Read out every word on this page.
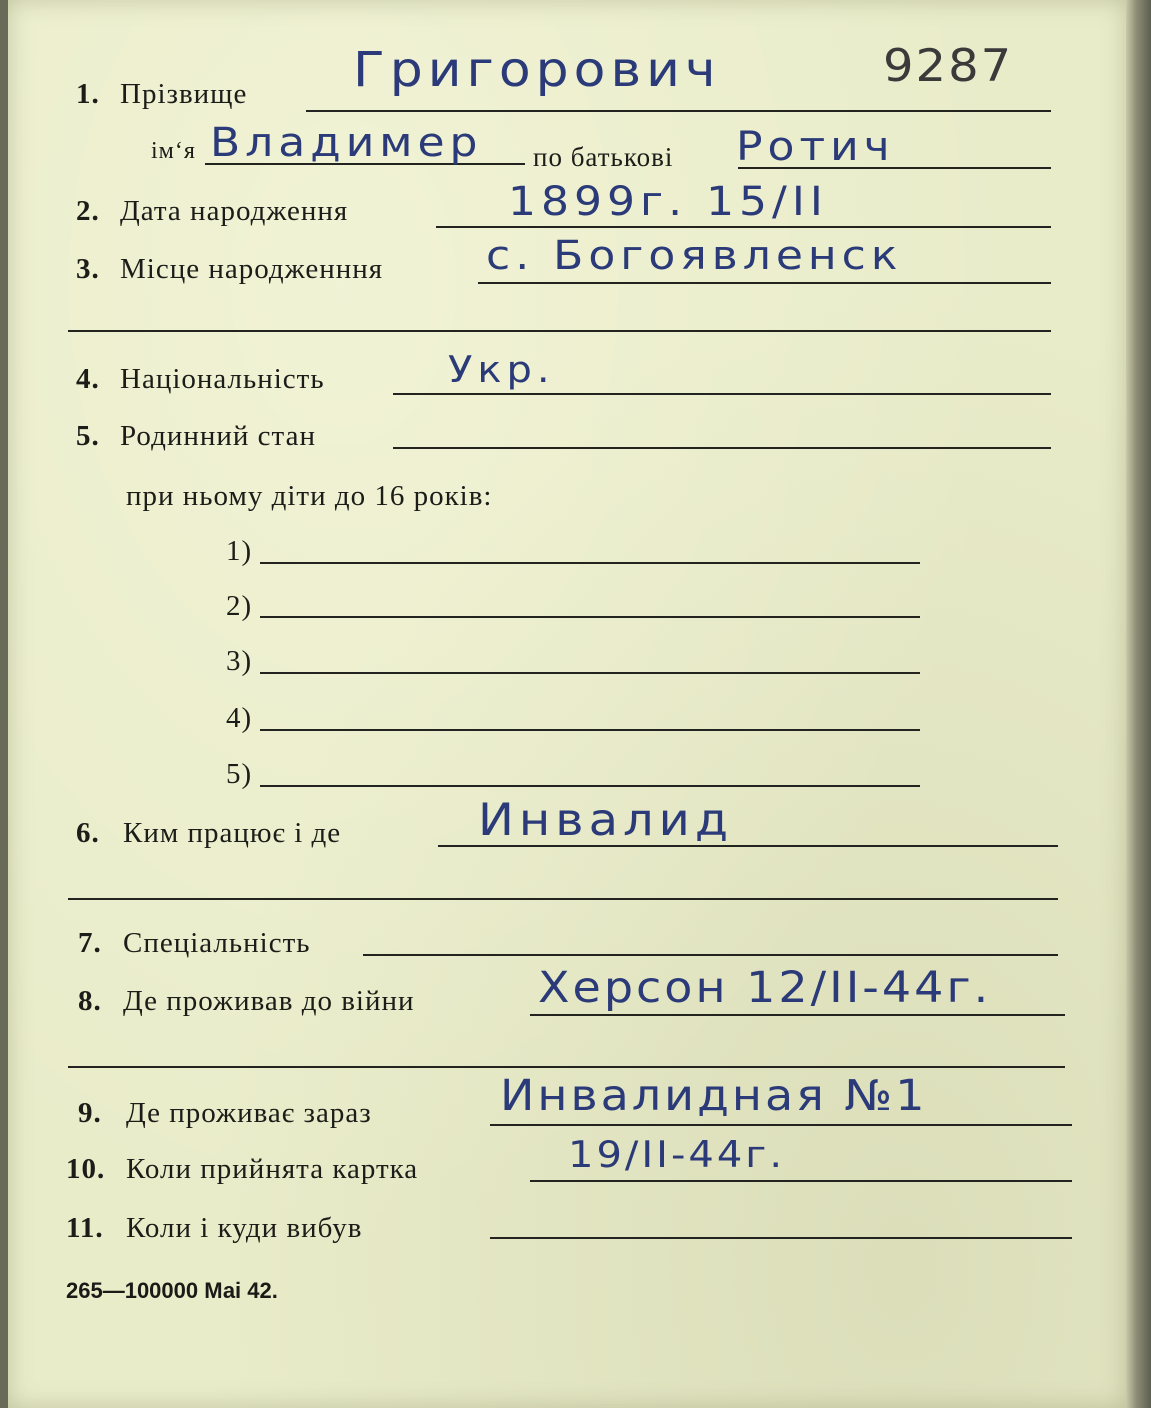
1. Прізвище Григорович	9287
ім‘я Владимер по батькові Ротич
2. Дата народження	1899г. 15/ІІ
3. Місце народженння с. Богоявленск
4. Національність	Укр.
5. Родинний стан
при ньому діти до 16 років:
1)
2)
3)
4)
5)
6. Ким працює і де	Инвалид
7. Спеціальність
8. Де проживав до війни	Херсон 12/ІІ-44г.
9. Де проживає зараз	Инвалидная №1
10. Коли прийнята картка	19/ІІ-44г.
11. Коли і куди вибув
265—100000 Маі 42.
